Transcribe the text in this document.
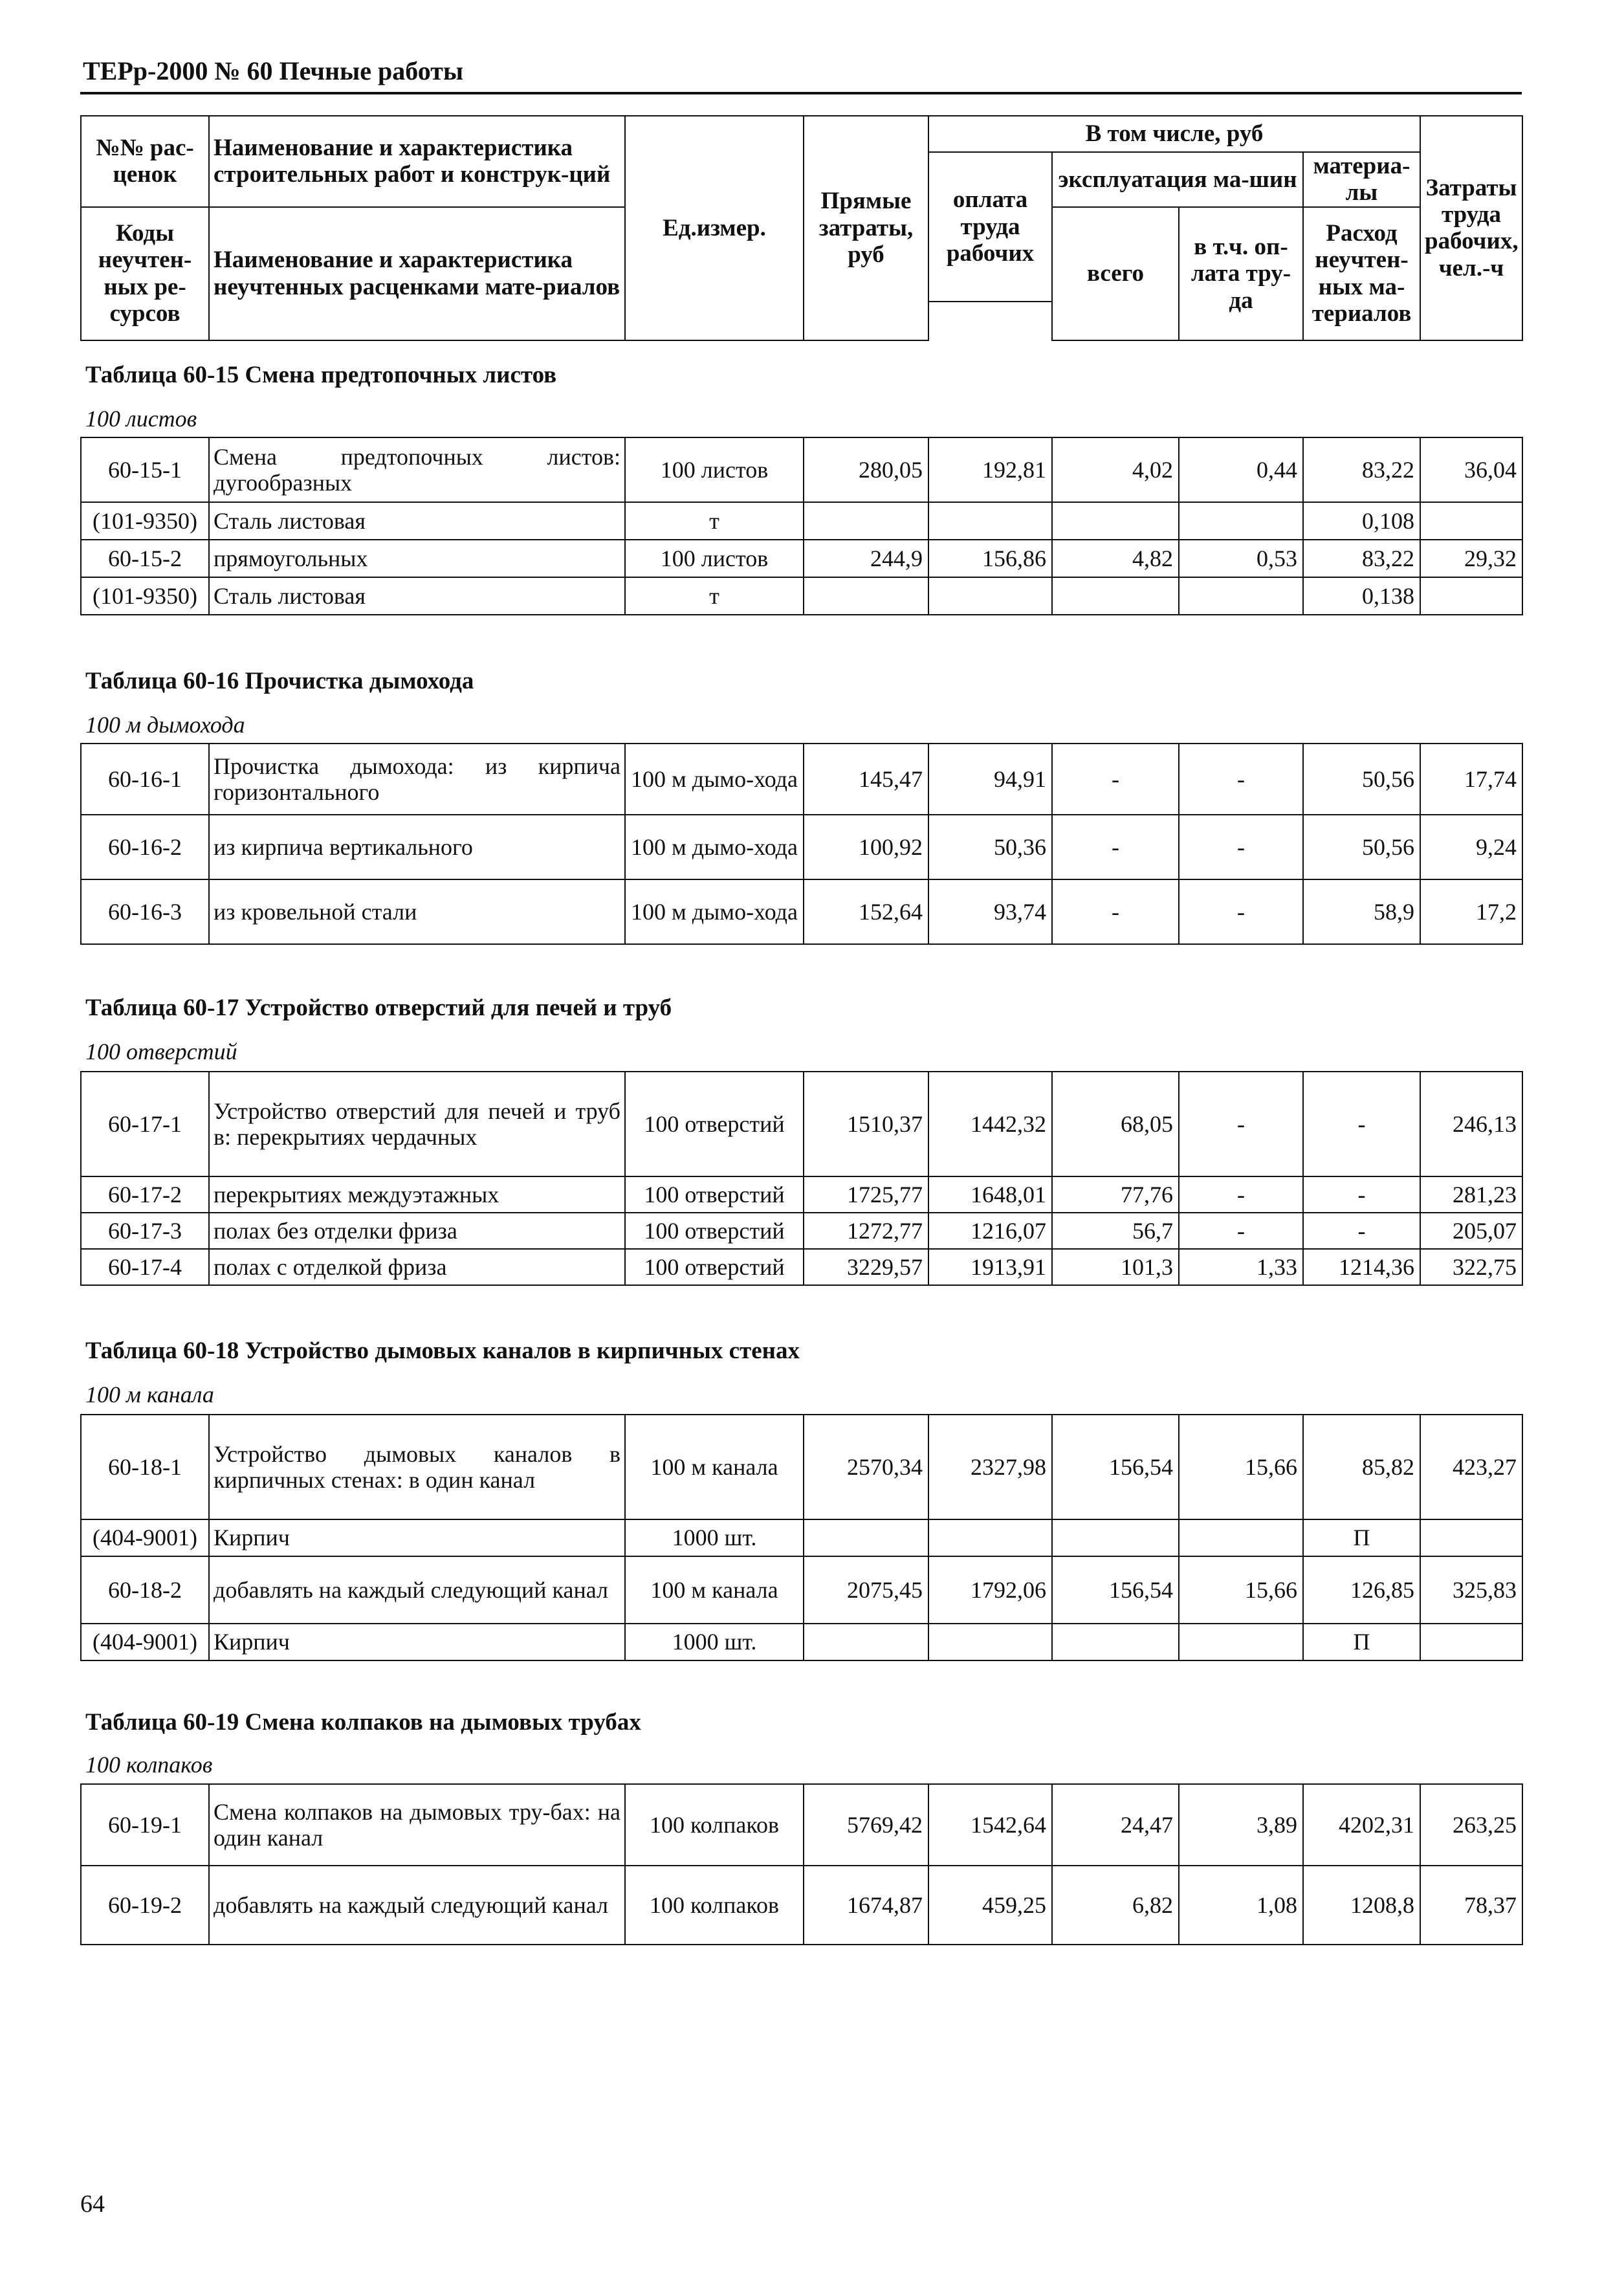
ТЕРр-2000 № 60 Печные работы
№№ рас-ценок	Наименование и характеристика строительных работ и конструк-ций	Ед.измер.	Прямые затраты, руб	В том числе, руб				Затраты труда рабочих, чел.-ч
				оплата труда рабочих	эксплуатация ма-шин		материа-лы	

Коды неучтен-ных ре-сурсов	Наименование и характеристика неучтенных расценками мате-риалов				всего	в т.ч. оп-лата тру-да	Расход неучтен-ных ма-териалов	

Таблица 60-15 Смена предтопочных листов
100 листов
60-15-1	Смена предтопочных листов: дугообразных	100 листов	280,05	192,81	4,02	0,44	83,22	36,04
(101-9350)	Сталь листовая	т					0,108	
60-15-2	прямоугольных	100 листов	244,9	156,86	4,82	0,53	83,22	29,32
(101-9350)	Сталь листовая	т					0,138	
Таблица 60-16 Прочистка дымохода
100 м дымохода
60-16-1	Прочистка дымохода: из кирпича горизонтального	100 м дымо-хода	145,47	94,91	-	-	50,56	17,74
60-16-2	из кирпича вертикального	100 м дымо-хода	100,92	50,36	-	-	50,56	9,24
60-16-3	из кровельной стали	100 м дымо-хода	152,64	93,74	-	-	58,9	17,2
Таблица 60-17 Устройство отверстий для печей и труб
100 отверстий
60-17-1	Устройство отверстий для печей и труб в: перекрытиях чердачных	100 отверстий	1510,37	1442,32	68,05	-	-	246,13
60-17-2	перекрытиях междуэтажных	100 отверстий	1725,77	1648,01	77,76	-	-	281,23
60-17-3	полах без отделки фриза	100 отверстий	1272,77	1216,07	56,7	-	-	205,07
60-17-4	полах с отделкой фриза	100 отверстий	3229,57	1913,91	101,3	1,33	1214,36	322,75
Таблица 60-18 Устройство дымовых каналов в кирпичных стенах
100 м канала
60-18-1	Устройство дымовых каналов в кирпичных стенах: в один канал	100 м канала	2570,34	2327,98	156,54	15,66	85,82	423,27
(404-9001)	Кирпич	1000 шт.					П	
60-18-2	добавлять на каждый следующий канал	100 м канала	2075,45	1792,06	156,54	15,66	126,85	325,83
(404-9001)	Кирпич	1000 шт.					П	
Таблица 60-19 Смена колпаков на дымовых трубах
100 колпаков
60-19-1	Смена колпаков на дымовых тру-бах: на один канал	100 колпаков	5769,42	1542,64	24,47	3,89	4202,31	263,25
60-19-2	добавлять на каждый следующий канал	100 колпаков	1674,87	459,25	6,82	1,08	1208,8	78,37
64
